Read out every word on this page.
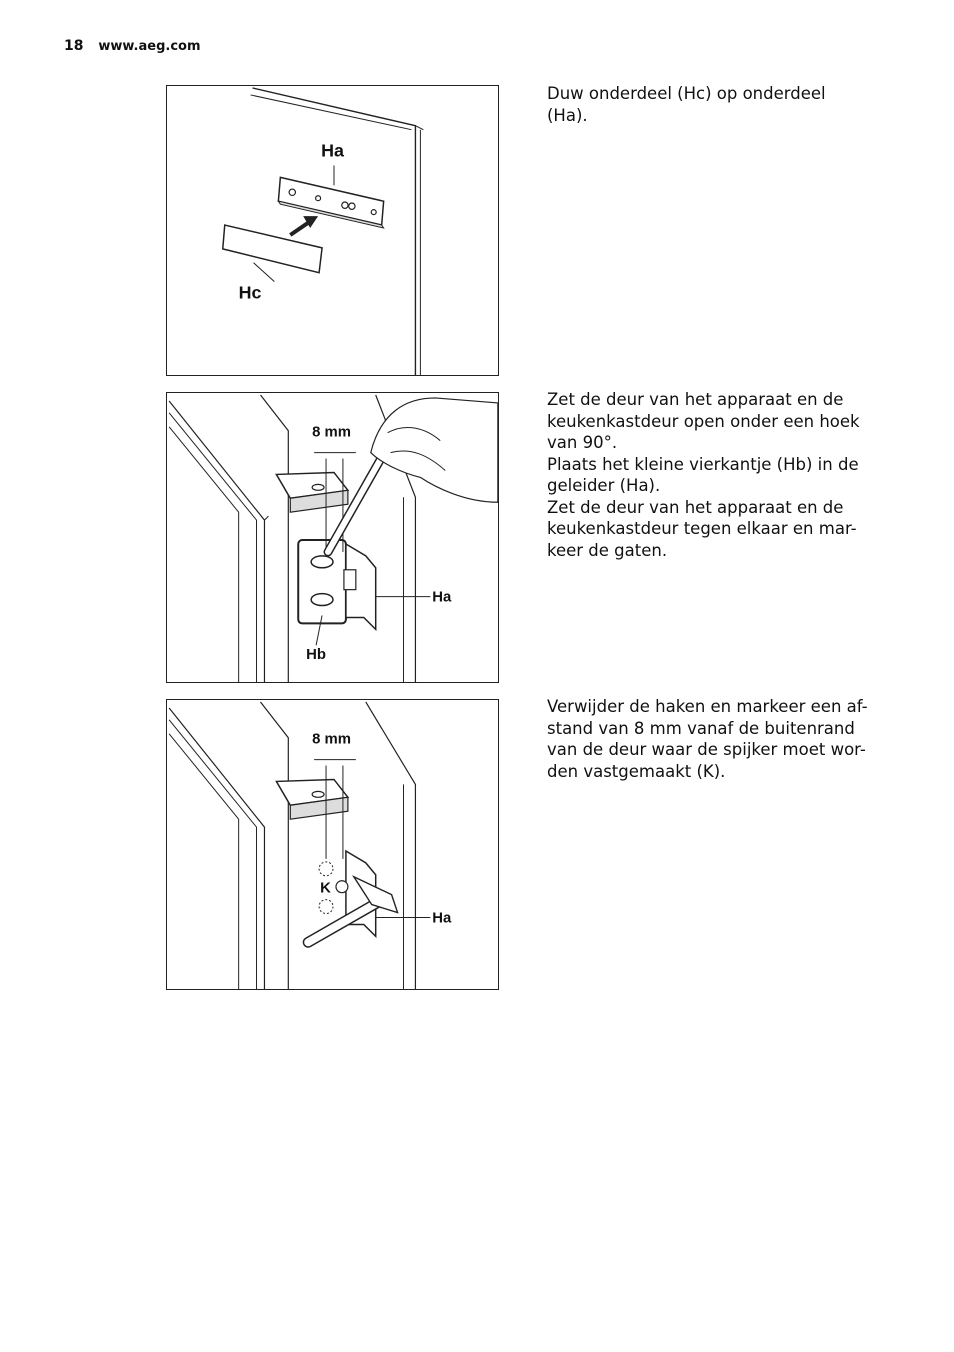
18 www.aeg.com
Ha
Hc

Duw onderdeel (Hc) op onderdeel

(Ha).

8 mm
Ha
Hb

Zet de deur van het apparaat en de

keukenkastdeur open onder een hoek

van 90°.

Plaats het kleine vierkantje (Hb) in de

geleider (Ha).

Zet de deur van het apparaat en de

keukenkastdeur tegen elkaar en mar-

keer de gaten.

8 mm
K
Ha

Verwijder de haken en markeer een af-

stand van 8 mm vanaf de buitenrand

van de deur waar de spijker moet wor-

den vastgemaakt (K).
